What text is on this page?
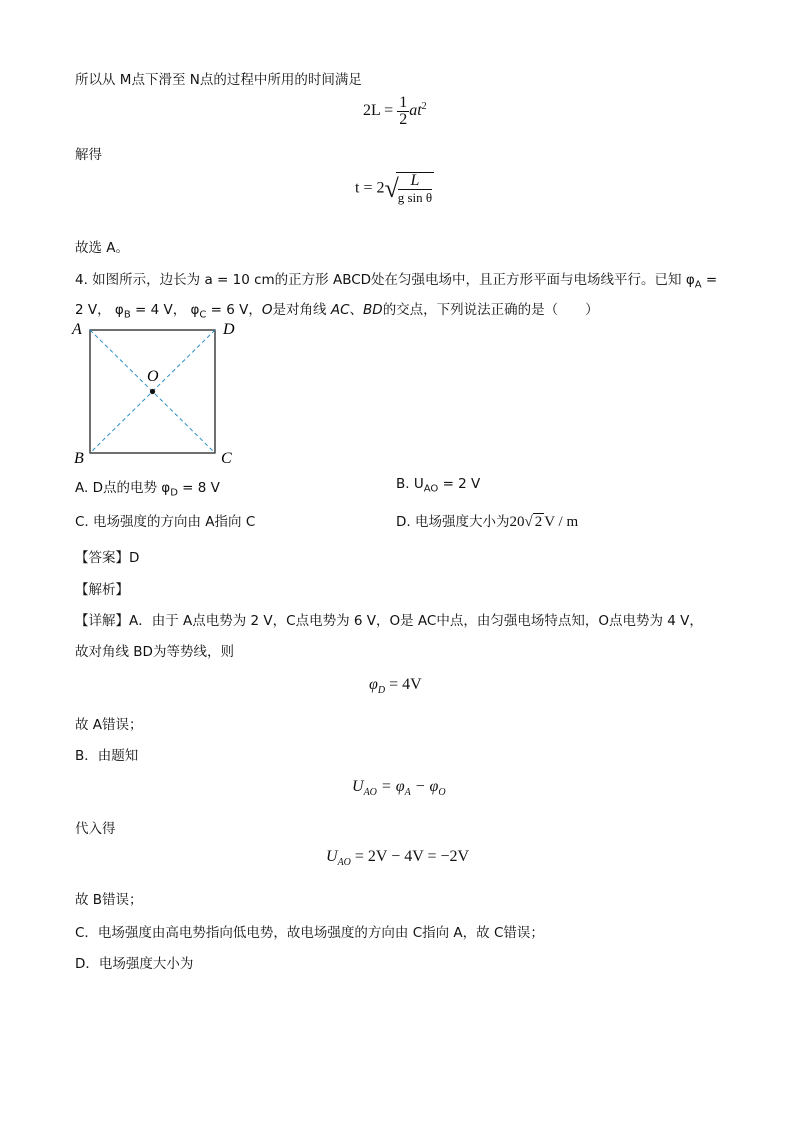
所以从 M点下滑至 N点的过程中所用的时间满足
$2L = \frac{1}{2} at^2$
解得
t = 2√
$\frac{L}{\text{g sin θ}}$
故选 A。
4. 如图所示，边长为 a = 10 cm的正方形 ABCD处在匀强电场中，且正方形平面与电场线平行。已知 $\varphi_A$ =
2 V， $\varphi_B = 4$ V， $\varphi_C = 6$ V，O是对角线 AC、BD的交点，下列说法正确的是（　　）
A	D
B	C
O
A. D点的电势 $\varphi_D = 8$ V	B. $U_{AO} = 2$ V
C. 电场强度的方向由 A指向 C	D. 电场强度大小为20√ 2 V / m
【答案】D
【解析】
【详解】A．由于 A点电势为 2 V，C点电势为 6 V，O是 AC中点，由匀强电场特点知，O点电势为 4 V，
故对角线 BD为等势线，则
$\varphi_D = 4V$
故 A错误；
B．由题知
$U_{AO} = \varphi_A - \varphi_O$
代入得
$U_{AO} = 2V - 4V = -2V$
故 B错误；
C．电场强度由高电势指向低电势，故电场强度的方向由 C指向 A，故 C错误；
D．电场强度大小为
